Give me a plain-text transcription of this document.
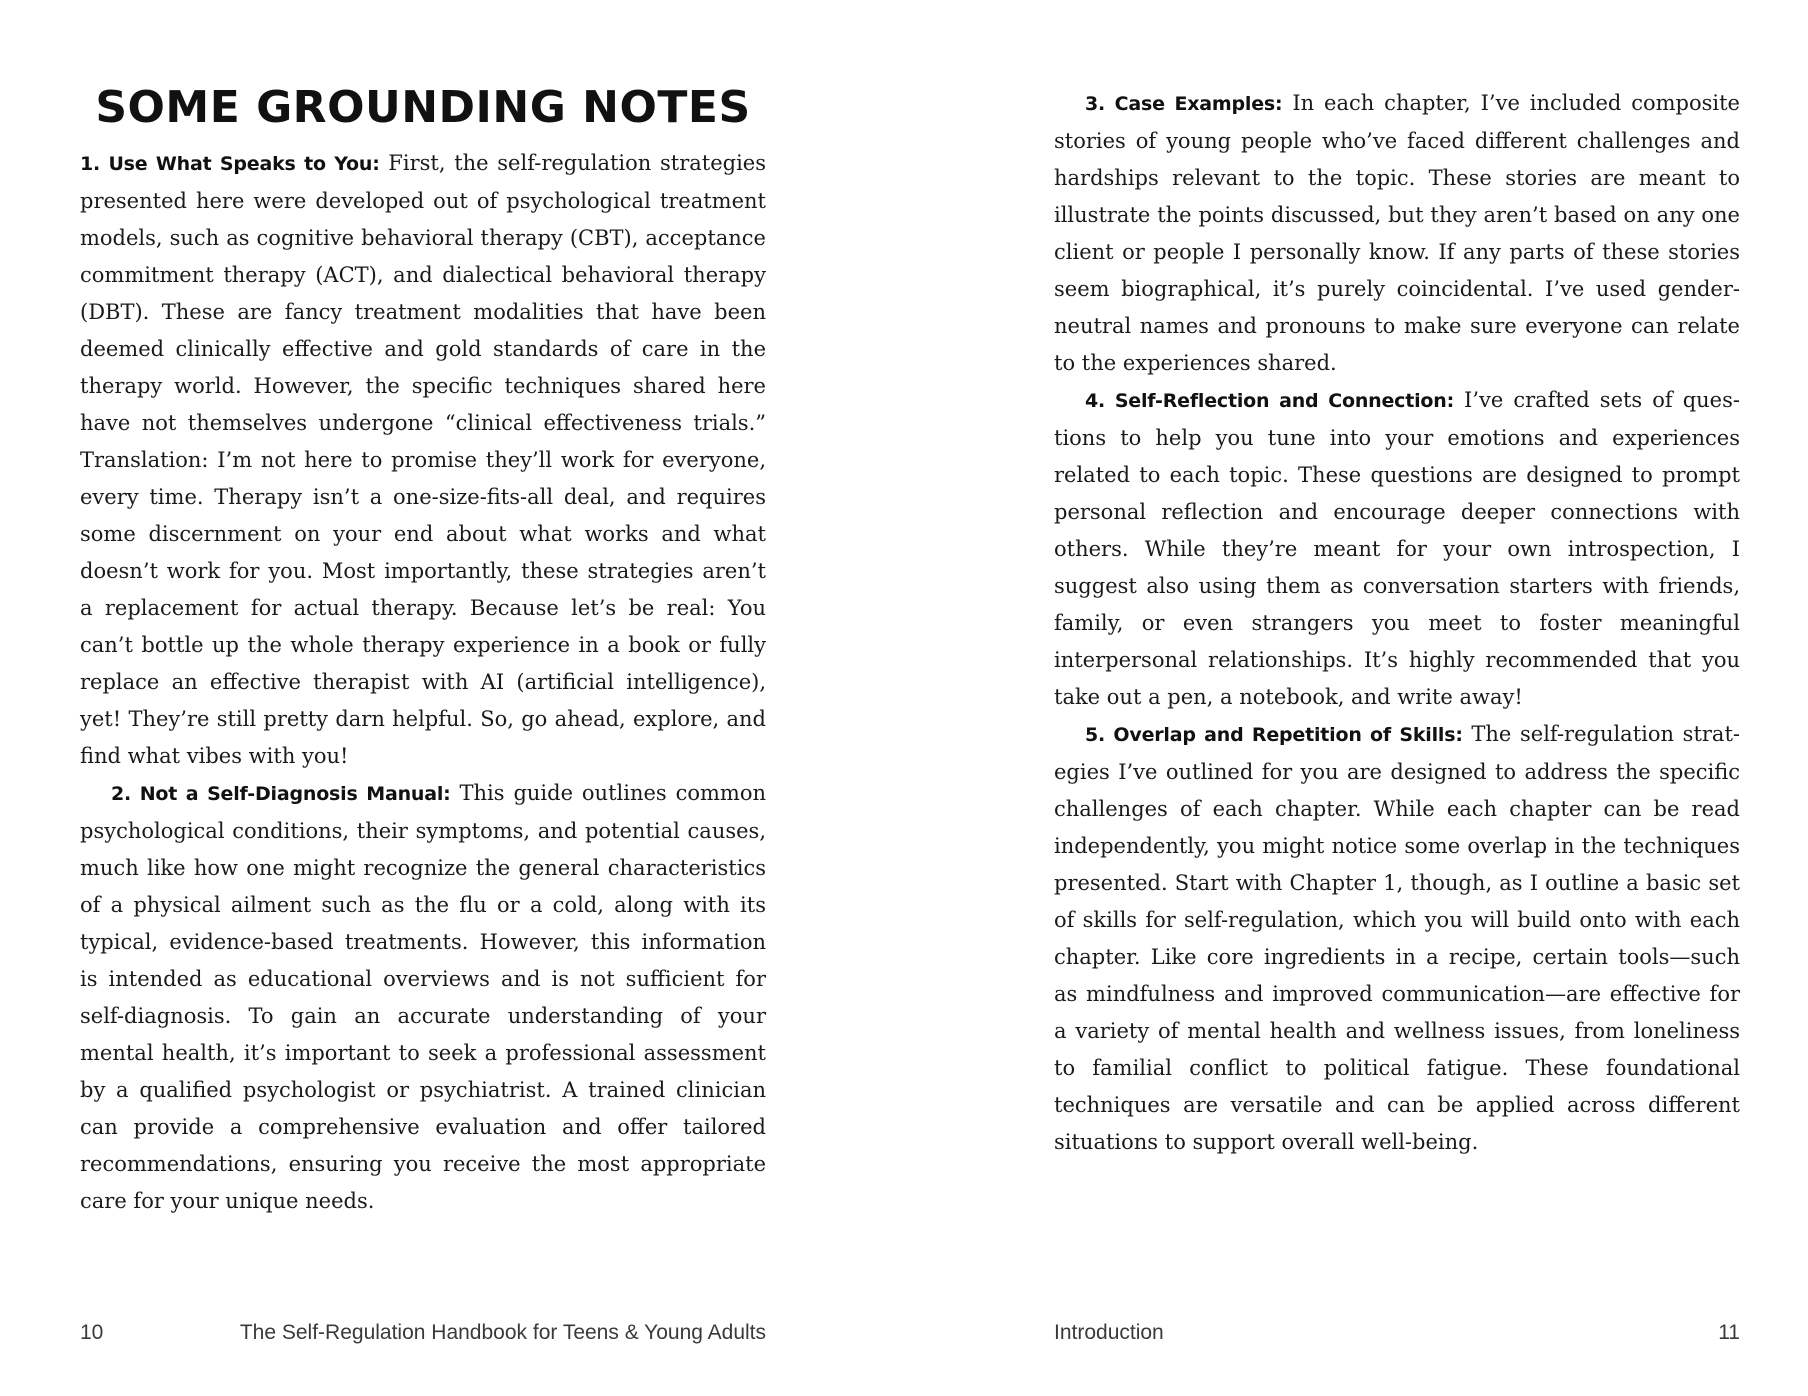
SOME GROUNDING NOTES

1. Use What Speaks to You: First, the self-regulation strategies presented here were developed out of psychological treatment models, such as cognitive behavioral therapy (CBT), acceptance commitment therapy (ACT), and dialectical behavioral therapy (DBT). These are fancy treatment modalities that have been deemed clinically effective and gold standards of care in the therapy world. However, the specific techniques shared here have not themselves undergone “clinical effectiveness trials.” Translation: I’m not here to promise they’ll work for everyone, every time. Therapy isn’t a one-size-fits-all deal, and requires some discernment on your end about what works and what doesn’t work for you. Most importantly, these strategies aren’t a replacement for actual therapy. Because let’s be real: You can’t bottle up the whole therapy experience in a book or fully replace an effective therapist with AI (artificial intelligence), yet! They’re still pretty darn helpful. So, go ahead, explore, and find what vibes with you!

2. Not a Self-Diagnosis Manual: This guide outlines common psychological conditions, their symptoms, and potential causes, much like how one might recognize the general characteristics of a physical ailment such as the flu or a cold, along with its typical, evidence-based treatments. However, this information is intended as educational overviews and is not sufficient for self-diagnosis. To gain an accurate understanding of your mental health, it’s important to seek a professional assessment by a qualified psychologist or psychiatrist. A trained clinician can provide a comprehensive evaluation and offer tailored recommendations, ensuring you receive the most appropriate care for your unique needs.

10	The Self-Regulation Handbook for Teens & Young Adults

3. Case Examples: In each chapter, I’ve included composite stories of young people who’ve faced different challenges and hardships relevant to the topic. These stories are meant to illustrate the points discussed, but they aren’t based on any one client or people I personally know. If any parts of these stories seem biographical, it’s purely coincidental. I’ve used gender-neutral names and pronouns to make sure everyone can relate to the experiences shared.

4. Self-Reflection and Connection: I’ve crafted sets of questions to help you tune into your emotions and experiences related to each topic. These questions are designed to prompt personal reflection and encourage deeper connections with others. While they’re meant for your own introspection, I suggest also using them as conversation starters with friends, family, or even strangers you meet to foster meaningful interpersonal relationships. It’s highly recommended that you take out a pen, a notebook, and write away!

5. Overlap and Repetition of Skills: The self-regulation strategies I’ve outlined for you are designed to address the specific challenges of each chapter. While each chapter can be read independently, you might notice some overlap in the techniques presented. Start with Chapter 1, though, as I outline a basic set of skills for self-regulation, which you will build onto with each chapter. Like core ingredients in a recipe, certain tools—such as mindfulness and improved communication—are effective for a variety of mental health and wellness issues, from loneliness to familial conflict to political fatigue. These foundational techniques are versatile and can be applied across different situations to support overall well-being.

Introduction	11
